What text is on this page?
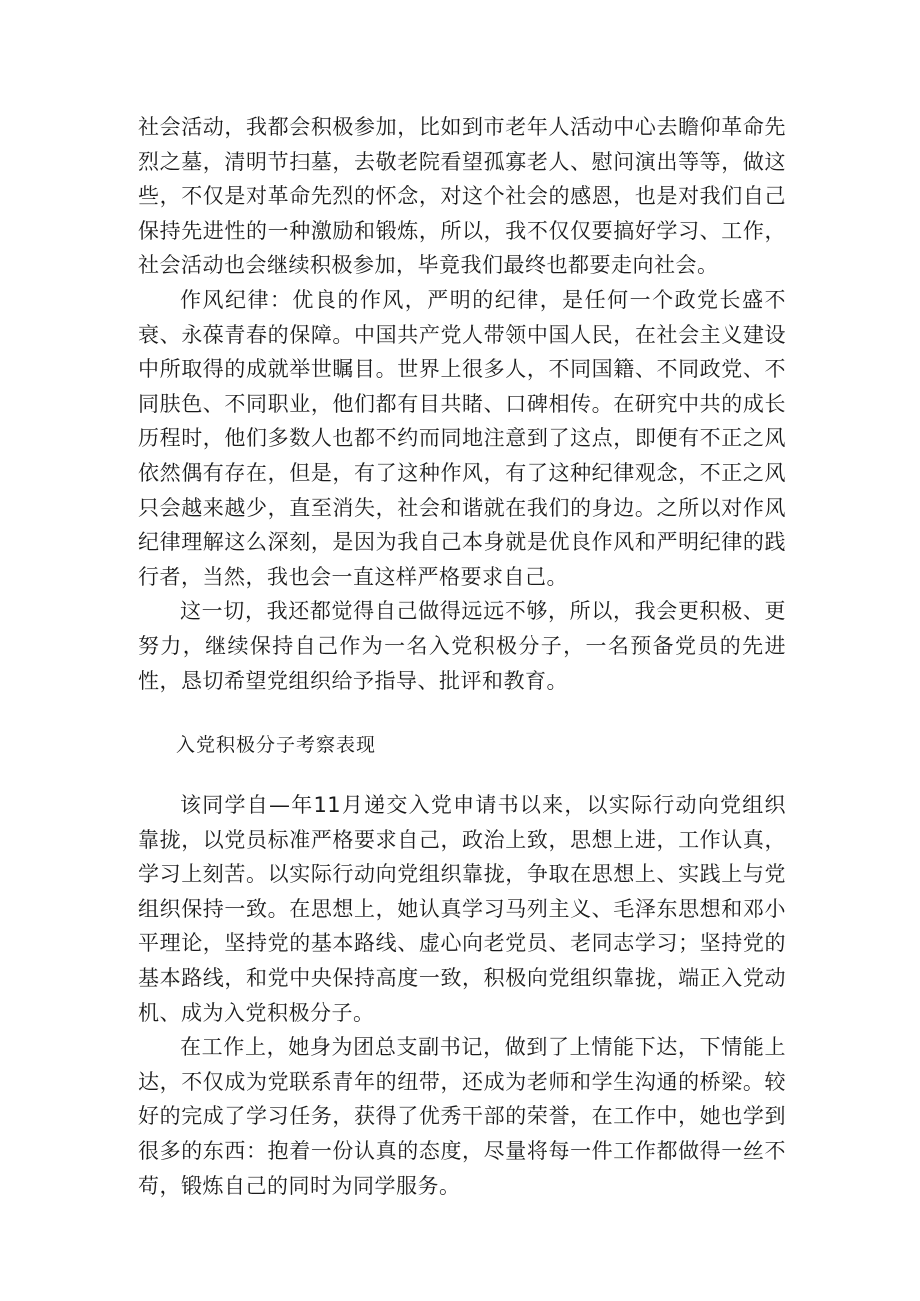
社会活动，我都会积极参加，比如到市老年人活动中心去瞻仰革命先烈之墓，清明节扫墓，去敬老院看望孤寡老人、慰问演出等等，做这些，不仅是对革命先烈的怀念，对这个社会的感恩，也是对我们自己保持先进性的一种激励和锻炼，所以，我不仅仅要搞好学习、工作，社会活动也会继续积极参加，毕竟我们最终也都要走向社会。

作风纪律：优良的作风，严明的纪律，是任何一个政党长盛不衰、永葆青春的保障。中国共产党人带领中国人民，在社会主义建设中所取得的成就举世瞩目。世界上很多人，不同国籍、不同政党、不同肤色、不同职业，他们都有目共睹、口碑相传。在研究中共的成长历程时，他们多数人也都不约而同地注意到了这点，即便有不正之风依然偶有存在，但是，有了这种作风，有了这种纪律观念，不正之风只会越来越少，直至消失，社会和谐就在我们的身边。之所以对作风纪律理解这么深刻，是因为我自己本身就是优良作风和严明纪律的践行者，当然，我也会一直这样严格要求自己。

这一切，我还都觉得自己做得远远不够，所以，我会更积极、更努力，继续保持自己作为一名入党积极分子，一名预备党员的先进性，恳切希望党组织给予指导、批评和教育。

入党积极分子考察表现

该同学自—年11月递交入党申请书以来，以实际行动向党组织靠拢，以党员标准严格要求自己，政治上致，思想上进，工作认真，学习上刻苦。以实际行动向党组织靠拢，争取在思想上、实践上与党组织保持一致。在思想上，她认真学习马列主义、毛泽东思想和邓小平理论，坚持党的基本路线、虚心向老党员、老同志学习；坚持党的基本路线，和党中央保持高度一致，积极向党组织靠拢，端正入党动机、成为入党积极分子。

在工作上，她身为团总支副书记，做到了上情能下达，下情能上达，不仅成为党联系青年的纽带，还成为老师和学生沟通的桥梁。较好的完成了学习任务，获得了优秀干部的荣誉，在工作中，她也学到很多的东西：抱着一份认真的态度，尽量将每一件工作都做得一丝不苟，锻炼自己的同时为同学服务。
